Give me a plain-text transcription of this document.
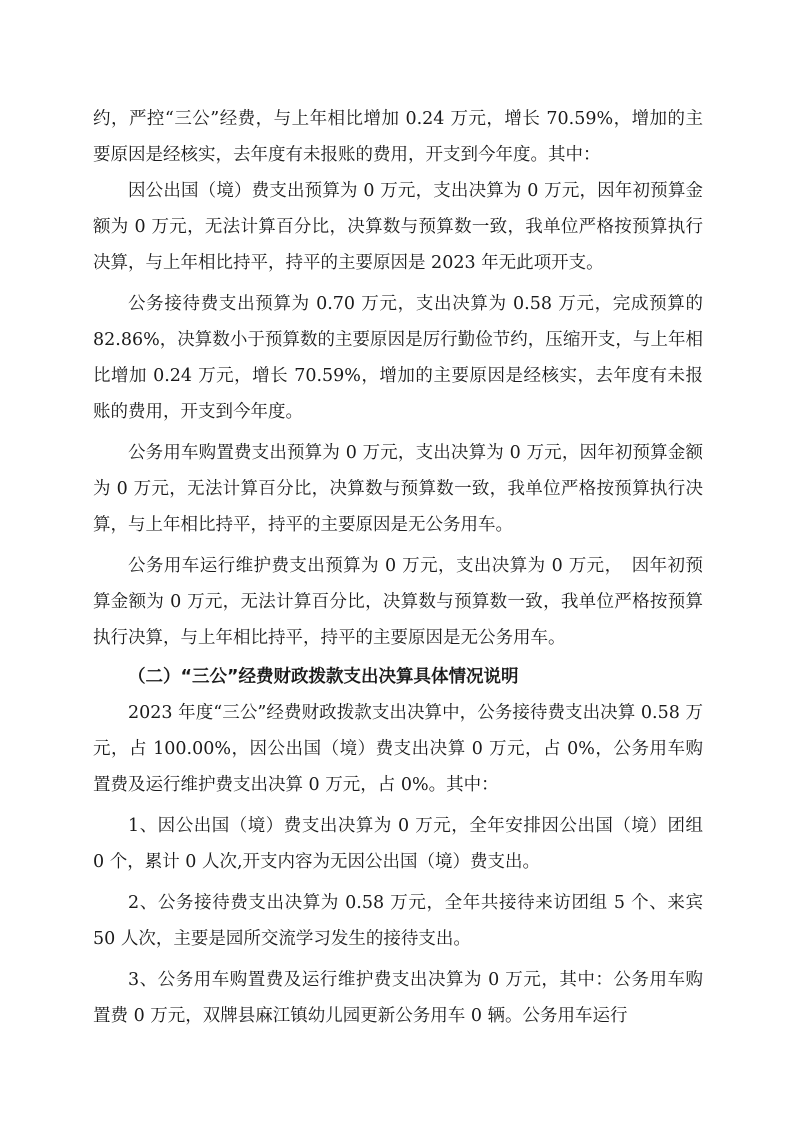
约，严控“三公”经费，与上年相比增加 0.24 万元，增长 70.59%，增加的主要原因是经核实，去年度有未报账的费用，开支到今年度。其中：

因公出国（境）费支出预算为 0 万元，支出决算为 0 万元，因年初预算金额为 0 万元，无法计算百分比，决算数与预算数一致，我单位严格按预算执行决算，与上年相比持平，持平的主要原因是 2023 年无此项开支。

公务接待费支出预算为 0.70 万元，支出决算为 0.58 万元，完成预算的 82.86%，决算数小于预算数的主要原因是厉行勤俭节约，压缩开支，与上年相比增加 0.24 万元，增长 70.59%，增加的主要原因是经核实，去年度有未报账的费用，开支到今年度。

公务用车购置费支出预算为 0 万元，支出决算为 0 万元，因年初预算金额为 0 万元，无法计算百分比，决算数与预算数一致，我单位严格按预算执行决算，与上年相比持平，持平的主要原因是无公务用车。

公务用车运行维护费支出预算为 0 万元，支出决算为 0 万元，　因年初预算金额为 0 万元，无法计算百分比，决算数与预算数一致，我单位严格按预算执行决算，与上年相比持平，持平的主要原因是无公务用车。

（二）“三公”经费财政拨款支出决算具体情况说明

2023 年度“三公”经费财政拨款支出决算中，公务接待费支出决算 0.58 万元，占 100.00%，因公出国（境）费支出决算 0 万元，占 0%，公务用车购置费及运行维护费支出决算 0 万元，占 0%。其中：

1、因公出国（境）费支出决算为 0 万元，全年安排因公出国（境）团组 0 个，累计 0 人次,开支内容为无因公出国（境）费支出。

2、公务接待费支出决算为 0.58 万元，全年共接待来访团组 5 个、来宾 50 人次，主要是园所交流学习发生的接待支出。

3、公务用车购置费及运行维护费支出决算为 0 万元，其中：公务用车购置费 0 万元，双牌县麻江镇幼儿园更新公务用车 0 辆。公务用车运行
